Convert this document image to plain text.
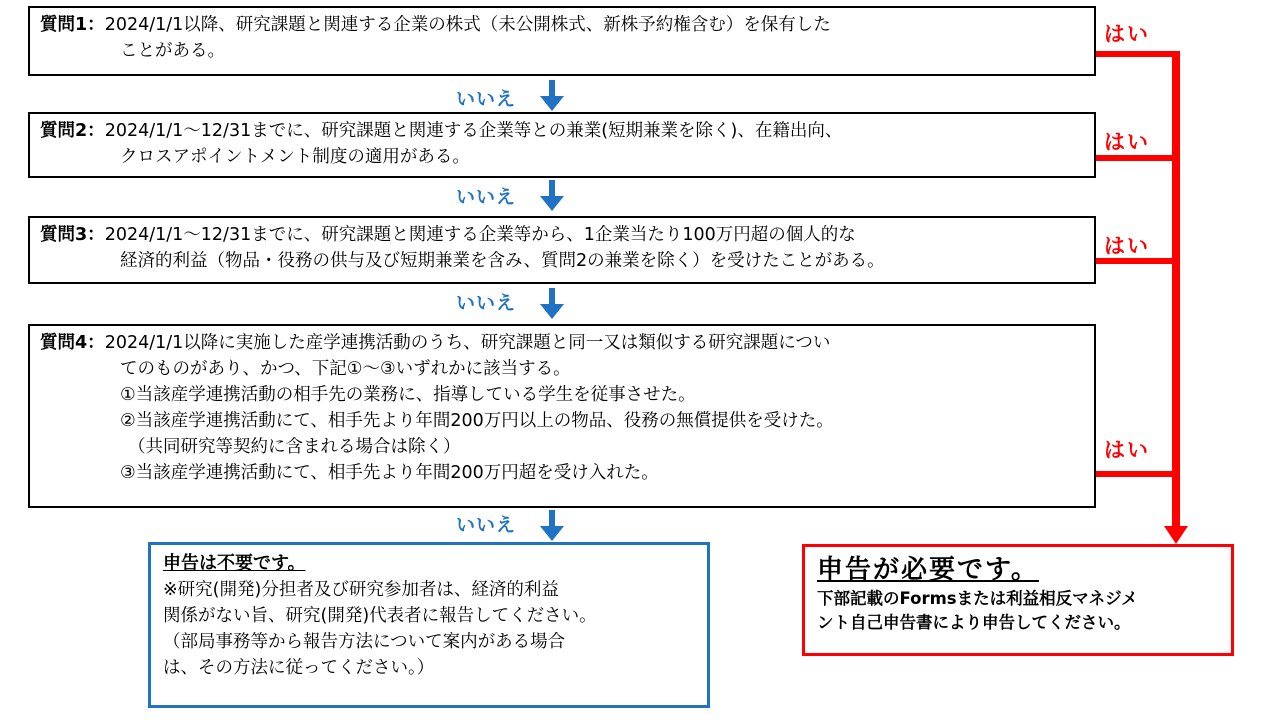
質問1： 2024/1/1以降、研究課題と関連する企業の株式（未公開株式、新株予約権含む）を保有した
ことがある。
質問2： 2024/1/1～12/31までに、研究課題と関連する企業等との兼業(短期兼業を除く)、在籍出向、
クロスアポイントメント制度の適用がある。
質問3： 2024/1/1～12/31までに、研究課題と関連する企業等から、1企業当たり100万円超の個人的な
経済的利益（物品・役務の供与及び短期兼業を含み、質問2の兼業を除く）を受けたことがある。
質問4： 2024/1/1以降に実施した産学連携活動のうち、研究課題と同一又は類似する研究課題につい
てのものがあり、かつ、下記①～③いずれかに該当する。
①当該産学連携活動の相手先の業務に、指導している学生を従事させた。
②当該産学連携活動にて、相手先より年間200万円以上の物品、役務の無償提供を受けた。
（共同研究等契約に含まれる場合は除く）
③当該産学連携活動にて、相手先より年間200万円超を受け入れた。
いいえ
いいえ
いいえ
いいえ
はい
はい
はい
はい
申告は不要です。
※研究(開発)分担者及び研究参加者は、経済的利益
関係がない旨、研究(開発)代表者に報告してください。
（部局事務等から報告方法について案内がある場合
は、その方法に従ってください。）
申告が必要です。
下部記載のFormsまたは利益相反マネジメ
ント自己申告書により申告してください。
